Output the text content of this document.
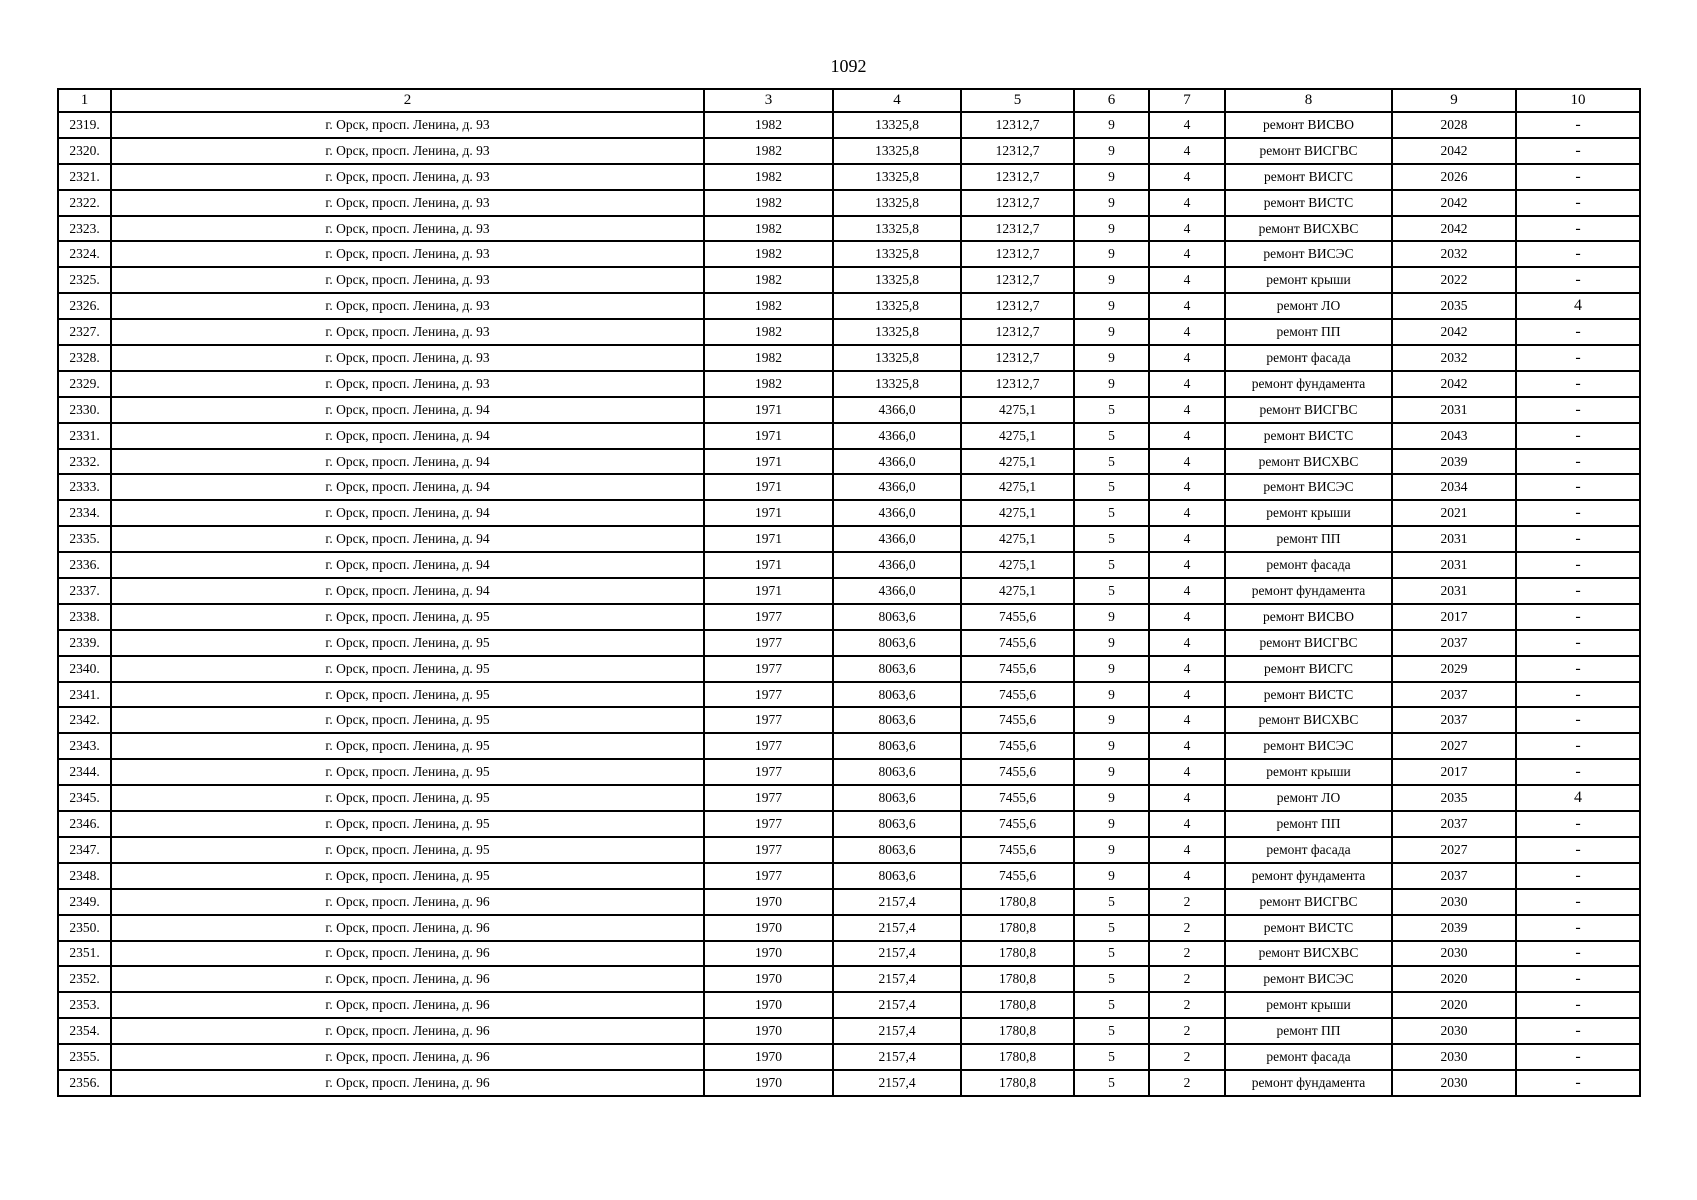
1092
1	2	3	4	5	6	7	8	9	10
2319.	г. Орск, просп. Ленина, д. 93	1982	13325,8	12312,7	9	4	ремонт ВИСВО	2028	-
2320.	г. Орск, просп. Ленина, д. 93	1982	13325,8	12312,7	9	4	ремонт ВИСГВС	2042	-
2321.	г. Орск, просп. Ленина, д. 93	1982	13325,8	12312,7	9	4	ремонт ВИСГС	2026	-
2322.	г. Орск, просп. Ленина, д. 93	1982	13325,8	12312,7	9	4	ремонт ВИСТС	2042	-
2323.	г. Орск, просп. Ленина, д. 93	1982	13325,8	12312,7	9	4	ремонт ВИСХВС	2042	-
2324.	г. Орск, просп. Ленина, д. 93	1982	13325,8	12312,7	9	4	ремонт ВИСЭС	2032	-
2325.	г. Орск, просп. Ленина, д. 93	1982	13325,8	12312,7	9	4	ремонт крыши	2022	-
2326.	г. Орск, просп. Ленина, д. 93	1982	13325,8	12312,7	9	4	ремонт ЛО	2035	4
2327.	г. Орск, просп. Ленина, д. 93	1982	13325,8	12312,7	9	4	ремонт ПП	2042	-
2328.	г. Орск, просп. Ленина, д. 93	1982	13325,8	12312,7	9	4	ремонт фасада	2032	-
2329.	г. Орск, просп. Ленина, д. 93	1982	13325,8	12312,7	9	4	ремонт фундамента	2042	-
2330.	г. Орск, просп. Ленина, д. 94	1971	4366,0	4275,1	5	4	ремонт ВИСГВС	2031	-
2331.	г. Орск, просп. Ленина, д. 94	1971	4366,0	4275,1	5	4	ремонт ВИСТС	2043	-
2332.	г. Орск, просп. Ленина, д. 94	1971	4366,0	4275,1	5	4	ремонт ВИСХВС	2039	-
2333.	г. Орск, просп. Ленина, д. 94	1971	4366,0	4275,1	5	4	ремонт ВИСЭС	2034	-
2334.	г. Орск, просп. Ленина, д. 94	1971	4366,0	4275,1	5	4	ремонт крыши	2021	-
2335.	г. Орск, просп. Ленина, д. 94	1971	4366,0	4275,1	5	4	ремонт ПП	2031	-
2336.	г. Орск, просп. Ленина, д. 94	1971	4366,0	4275,1	5	4	ремонт фасада	2031	-
2337.	г. Орск, просп. Ленина, д. 94	1971	4366,0	4275,1	5	4	ремонт фундамента	2031	-
2338.	г. Орск, просп. Ленина, д. 95	1977	8063,6	7455,6	9	4	ремонт ВИСВО	2017	-
2339.	г. Орск, просп. Ленина, д. 95	1977	8063,6	7455,6	9	4	ремонт ВИСГВС	2037	-
2340.	г. Орск, просп. Ленина, д. 95	1977	8063,6	7455,6	9	4	ремонт ВИСГС	2029	-
2341.	г. Орск, просп. Ленина, д. 95	1977	8063,6	7455,6	9	4	ремонт ВИСТС	2037	-
2342.	г. Орск, просп. Ленина, д. 95	1977	8063,6	7455,6	9	4	ремонт ВИСХВС	2037	-
2343.	г. Орск, просп. Ленина, д. 95	1977	8063,6	7455,6	9	4	ремонт ВИСЭС	2027	-
2344.	г. Орск, просп. Ленина, д. 95	1977	8063,6	7455,6	9	4	ремонт крыши	2017	-
2345.	г. Орск, просп. Ленина, д. 95	1977	8063,6	7455,6	9	4	ремонт ЛО	2035	4
2346.	г. Орск, просп. Ленина, д. 95	1977	8063,6	7455,6	9	4	ремонт ПП	2037	-
2347.	г. Орск, просп. Ленина, д. 95	1977	8063,6	7455,6	9	4	ремонт фасада	2027	-
2348.	г. Орск, просп. Ленина, д. 95	1977	8063,6	7455,6	9	4	ремонт фундамента	2037	-
2349.	г. Орск, просп. Ленина, д. 96	1970	2157,4	1780,8	5	2	ремонт ВИСГВС	2030	-
2350.	г. Орск, просп. Ленина, д. 96	1970	2157,4	1780,8	5	2	ремонт ВИСТС	2039	-
2351.	г. Орск, просп. Ленина, д. 96	1970	2157,4	1780,8	5	2	ремонт ВИСХВС	2030	-
2352.	г. Орск, просп. Ленина, д. 96	1970	2157,4	1780,8	5	2	ремонт ВИСЭС	2020	-
2353.	г. Орск, просп. Ленина, д. 96	1970	2157,4	1780,8	5	2	ремонт крыши	2020	-
2354.	г. Орск, просп. Ленина, д. 96	1970	2157,4	1780,8	5	2	ремонт ПП	2030	-
2355.	г. Орск, просп. Ленина, д. 96	1970	2157,4	1780,8	5	2	ремонт фасада	2030	-
2356.	г. Орск, просп. Ленина, д. 96	1970	2157,4	1780,8	5	2	ремонт фундамента	2030	-
